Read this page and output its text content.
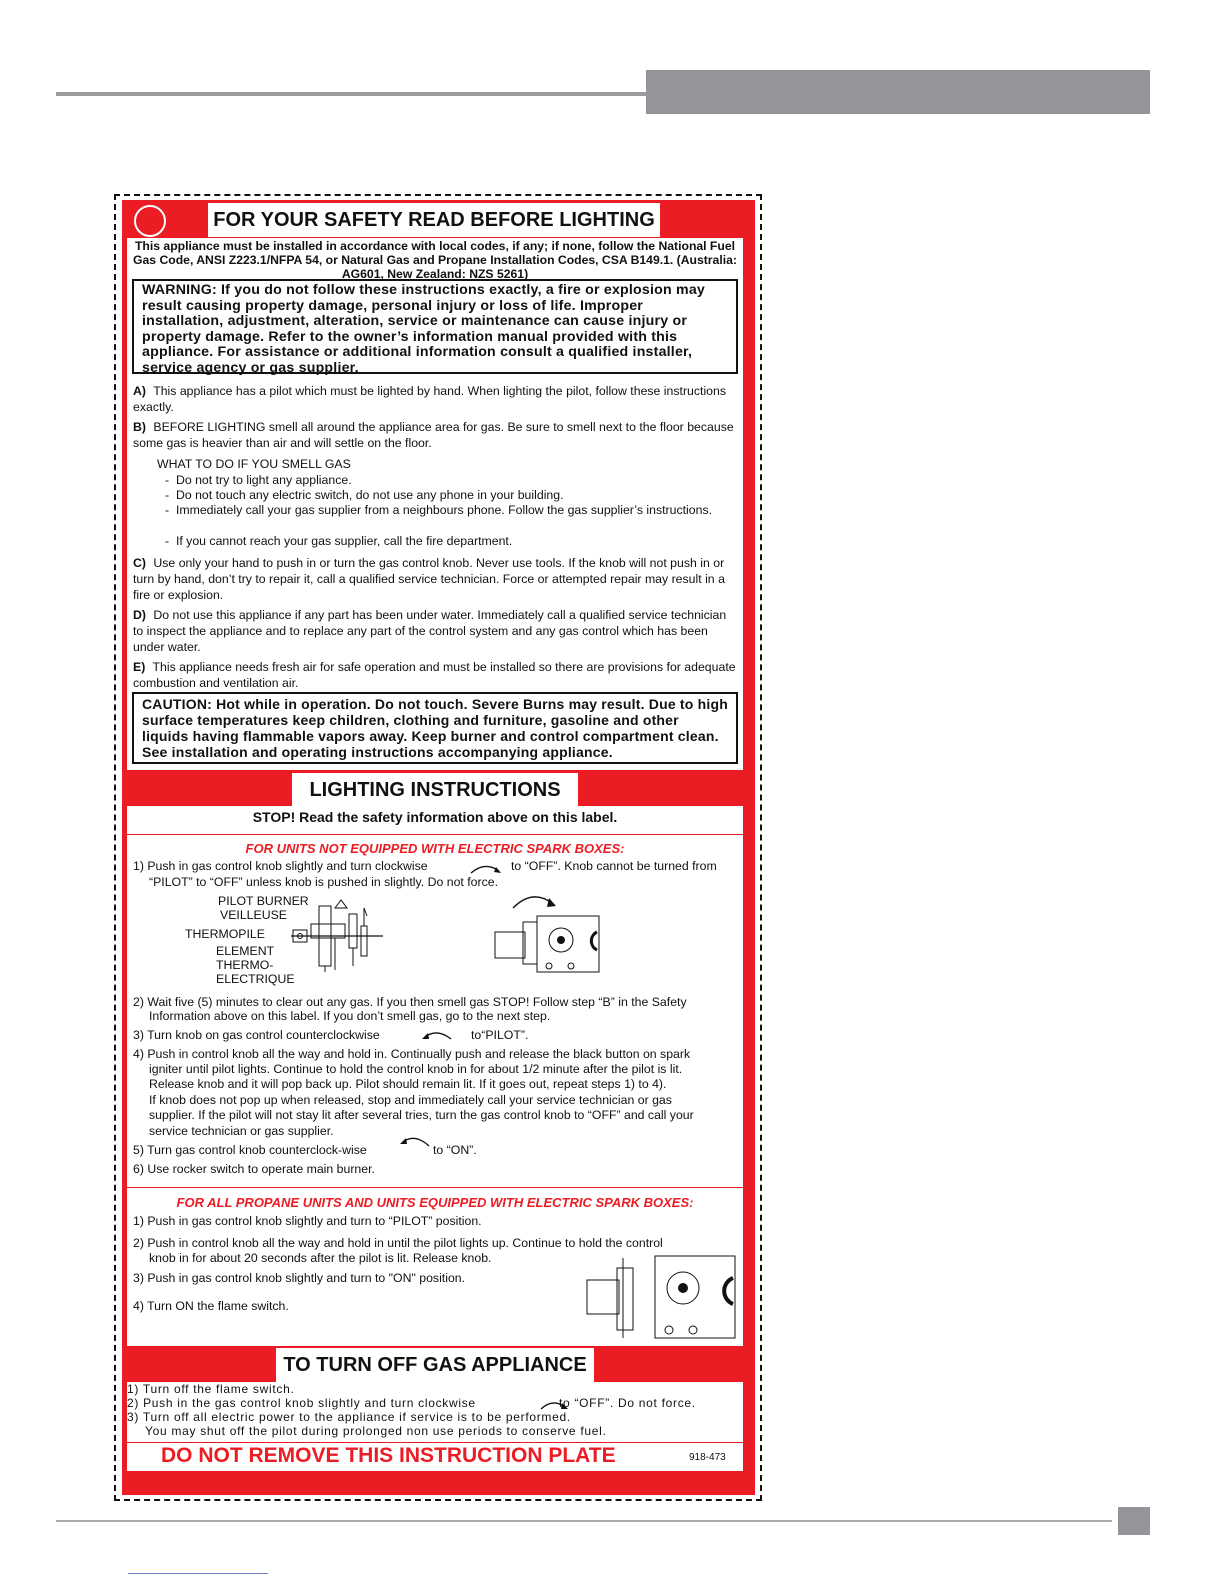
FOR YOUR SAFETY READ BEFORE LIGHTING
This appliance must be installed in accordance with local codes, if any; if none, follow the National Fuel Gas Code, ANSI Z223.1/NFPA 54, or Natural Gas and Propane Installation Codes, CSA B149.1. (Australia: AG601, New Zealand: NZS 5261)
WARNING: If you do not follow these instructions exactly, a fire or explosion may result causing property damage, personal injury or loss of life. Improper installation, adjustment, alteration, service or maintenance can cause injury or property damage. Refer to the owner’s information manual provided with this appliance. For assistance or additional information consult a qualified installer, service agency or gas supplier.
A) This appliance has a pilot which must be lighted by hand. When lighting the pilot, follow these instructions exactly.
B) BEFORE LIGHTING smell all around the appliance area for gas. Be sure to smell next to the floor because some gas is heavier than air and will settle on the floor.
WHAT TO DO IF YOU SMELL GAS
-  Do not try to light any appliance.
-  Do not touch any electric switch, do not use any phone in your building.
-  Immediately call your gas supplier from a neighbours phone. Follow the gas supplier’s instructions.
-  If you cannot reach your gas supplier, call the fire department.
C) Use only your hand to push in or turn the gas control knob. Never use tools. If the knob will not push in or turn by hand, don’t try to repair it, call a qualified service technician. Force or attempted repair may result in a fire or explosion.
D) Do not use this appliance if any part has been under water. Immediately call a qualified service technician to inspect the appliance and to replace any part of the control system and any gas control which has been under water.
E) This appliance needs fresh air for safe operation and must be installed so there are provisions for adequate combustion and ventilation air.
CAUTION: Hot while in operation. Do not touch. Severe Burns may result. Due to high surface temperatures keep children, clothing and furniture, gasoline and other liquids having flammable vapors away. Keep burner and control compartment clean. See installation and operating instructions accompanying appliance.
LIGHTING INSTRUCTIONS
STOP! Read the safety information above on this label.
FOR UNITS NOT EQUIPPED WITH ELECTRIC SPARK BOXES:
1) Push in gas control knob slightly and turn clockwise	to “OFF”. Knob cannot be turned from
“PILOT” to “OFF” unless knob is pushed in slightly. Do not force.
PILOT BURNER
VEILLEUSE
THERMOPILE
ELEMENT
THERMO-
ELECTRIQUE
2) Wait five (5) minutes to clear out any gas. If you then smell gas STOP! Follow step “B” in the Safety
Information above on this label. If you don’t smell gas, go to the next step.
3) Turn knob on gas control counterclockwise	to“PILOT”.
4) Push in control knob all the way and hold in. Continually push and release the black button on spark
igniter until pilot lights. Continue to hold the control knob in for about 1/2 minute after the pilot is lit.
Release knob and it will pop back up. Pilot should remain lit. If it goes out, repeat steps 1) to 4).
If knob does not pop up when released, stop and immediately call your service technician or gas
supplier. If the pilot will not stay lit after several tries, turn the gas control knob to “OFF” and call your
service technician or gas supplier.
5) Turn gas control knob counterclock-wise	to “ON”.
6) Use rocker switch to operate main burner.
FOR ALL PROPANE UNITS AND UNITS EQUIPPED WITH ELECTRIC SPARK BOXES:
1) Push in gas control knob slightly and turn to “PILOT” position.
2) Push in control knob all the way and hold in until the pilot lights up. Continue to hold the control
knob in for about 20 seconds after the pilot is lit. Release knob.
3) Push in gas control knob slightly and turn to "ON" position.
4) Turn ON the flame switch.
TO TURN OFF GAS APPLIANCE
1) Turn off the flame switch.
2) Push in the gas control knob slightly and turn clockwise	to “OFF”. Do not force.
3) Turn off all electric power to the appliance if service is to be performed.
You may shut off the pilot during prolonged non use periods to conserve fuel.
DO NOT REMOVE THIS INSTRUCTION PLATE	918-473
